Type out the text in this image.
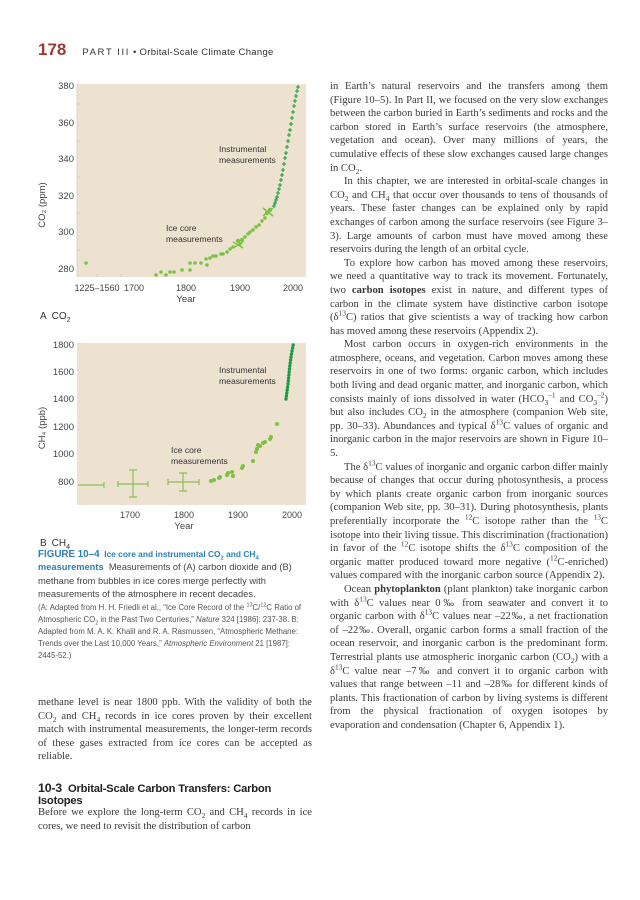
178 PART III • Orbital-Scale Climate Change
380
360
340
320
300
280
1225–1560 1700	1800	1900	2000
Year
CO₂ (ppm)
Instrumental
measurements
Ice core
measurements
A $CO_2$
1800
1600
1400
1200
1000
800
1700	1800	1900	2000
Year
CH₄ (ppb)
Instrumental
measurements
Ice core
measurements
B $CH_4$
FIGURE 10–4 Ice core and instrumental $CO_2$ and $CH_4$
measurements Measurements of (A) carbon dioxide and (B) methane from bubbles in ice cores merge perfectly with measurements of the atmosphere in recent decades.
(A: Adapted from H. H. Friedli et al., “Ice Core Record of the $^{13}$C/$^{12}$C Ratio of Atmospheric $CO_2$ in the Past Two Centuries,” Nature 324 [1986]: 237-38. B: Adapted from M. A. K. Khalil and R. A. Rasmussen, “Atmospheric Methane: Trends over the Last 10,000 Years,” Atmospheric Environment 21 [1987]: 2445-52.)

methane level is near 1800 ppb. With the validity of both the $CO_2$ and $CH_4$ records in ice cores proven by their excellent match with instrumental measurements, the longer-term records of these gases extracted from ice cores can be accepted as reliable.

10-3 Orbital-Scale Carbon Transfers: Carbon Isotopes

Before we explore the long-term $CO_2$ and $CH_4$ records in ice cores, we need to revisit the distribution of carbon

in Earth’s natural reservoirs and the transfers among them (Figure 10–5). In Part II, we focused on the very slow exchanges between the carbon buried in Earth’s sediments and rocks and the carbon stored in Earth’s surface reservoirs (the atmosphere, vegetation and ocean). Over many millions of years, the cumulative effects of these slow exchanges caused large changes in $CO_2$.

In this chapter, we are interested in orbital-scale changes in $CO_2$ and $CH_4$ that occur over thousands to tens of thousands of years. These faster changes can be explained only by rapid exchanges of carbon among the surface reservoirs (see Figure 3–3). Large amounts of carbon must have moved among these reservoirs during the length of an orbital cycle.

To explore how carbon has moved among these reservoirs, we need a quantitative way to track its movement. Fortunately, two carbon isotopes exist in nature, and different types of carbon in the climate system have distinctive carbon isotope $(\delta^{13}C)$ ratios that give scientists a way of tracking how carbon has moved among these reservoirs (Appendix 2).

Most carbon occurs in oxygen-rich environments in the atmosphere, oceans, and vegetation. Carbon moves among these reservoirs in one of two forms: organic carbon, which includes both living and dead organic matter, and inorganic carbon, which consists mainly of ions dissolved in water ($HCO_3^{-1}$ and $CO_3^{-2}$) but also includes $CO_2$ in the atmosphere (companion Web site, pp. 30–33). Abundances and typical $\delta^{13}C$ values of organic and inorganic carbon in the major reservoirs are shown in Figure 10–5.

The $\delta^{13}C$ values of inorganic and organic carbon differ mainly because of changes that occur during photosynthesis, a process by which plants create organic carbon from inorganic sources (companion Web site, pp. 30–31). During photosynthesis, plants preferentially incorporate the $^{12}$C isotope rather than the $^{13}$C isotope into their living tissue. This discrimination (fractionation) in favor of the $^{12}$C isotope shifts the $\delta^{13}C$ composition of the organic matter produced toward more negative ($^{12}$C-enriched) values compared with the inorganic carbon source (Appendix 2).

Ocean phytoplankton (plant plankton) take inorganic carbon with $\delta^{13}C$ values near 0‰ from seawater and convert it to organic carbon with $\delta^{13}C$ values near –22‰, a net fractionation of –22‰. Overall, organic carbon forms a small fraction of the ocean reservoir, and inorganic carbon is the predominant form. Terrestrial plants use atmospheric inorganic carbon $(CO_2)$ with a $\delta^{13}C$ value near –7‰ and convert it to organic carbon with values that range between –11 and –28‰ for different kinds of plants. This fractionation of carbon by living systems is different from the physical fractionation of oxygen isotopes by evaporation and condensation (Chapter 6, Appendix 1).
